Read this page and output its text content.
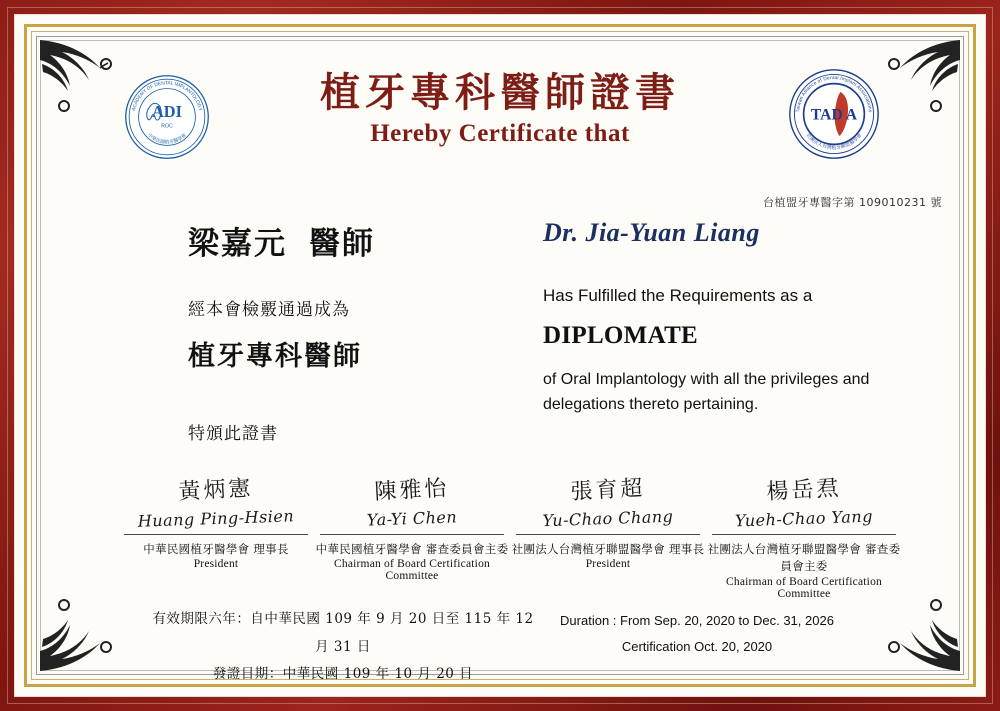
ACADEMY OF DENTAL IMPLANTOLOGY
中華民國植牙醫學會
ADI
ROC
植牙專科醫師證書
Hereby Certificate that
Taiwan Alliance of Dental Implant Associations
社團法人台灣植牙聯盟醫學會
TAD A
台植盟牙專醫字第 109010231 號
梁嘉元 醫師
經本會檢覈通過成為
植牙專科醫師
特頒此證書
Dr. Jia-Yuan Liang
Has Fulfilled the Requirements as a
DIPLOMATE
of Oral Implantology with all the privileges and delegations thereto pertaining.
黃炳憲
Huang Ping-Hsien
中華民國植牙醫學會 理事長
President
陳雅怡
Ya-Yi Chen
中華民國植牙醫學會 審查委員會主委
Chairman of Board Certification Committee
張育超
Yu-Chao Chang
社團法人台灣植牙聯盟醫學會 理事長
President
楊岳焄
Yueh-Chao Yang
社團法人台灣植牙聯盟醫學會 審查委員會主委
Chairman of Board Certification Committee
有效期限六年：自中華民國 109 年 9 月 20 日至 115 年 12 月 31 日
發證日期：中華民國 109 年 10 月 20 日
Duration : From Sep. 20, 2020 to Dec. 31, 2026
Certification Oct. 20, 2020
